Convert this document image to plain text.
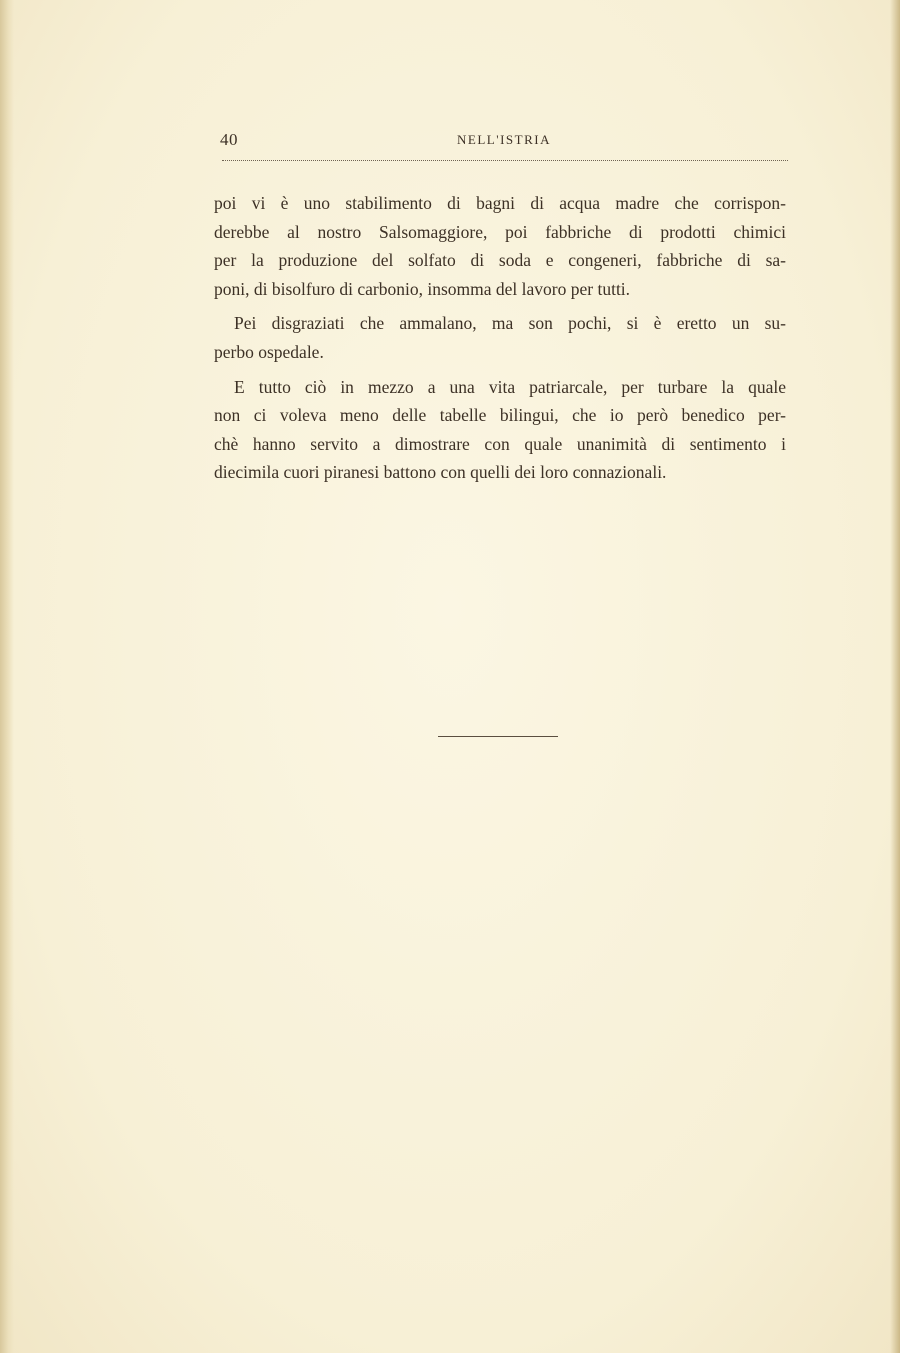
40	NELL'ISTRIA

poi vi è uno stabilimento di bagni di acqua madre che corrispon-
derebbe al nostro Salsomaggiore, poi fabbriche di prodotti chimici
per la produzione del solfato di soda e congeneri, fabbriche di sa-
poni, di bisolfuro di carbonio, insomma del lavoro per tutti.

Pei disgraziati che ammalano, ma son pochi, si è eretto un su-
perbo ospedale.

E tutto ciò in mezzo a una vita patriarcale, per turbare la quale
non ci voleva meno delle tabelle bilingui, che io però benedico per-
chè hanno servito a dimostrare con quale unanimità di sentimento i
diecimila cuori piranesi battono con quelli dei loro connazionali.
